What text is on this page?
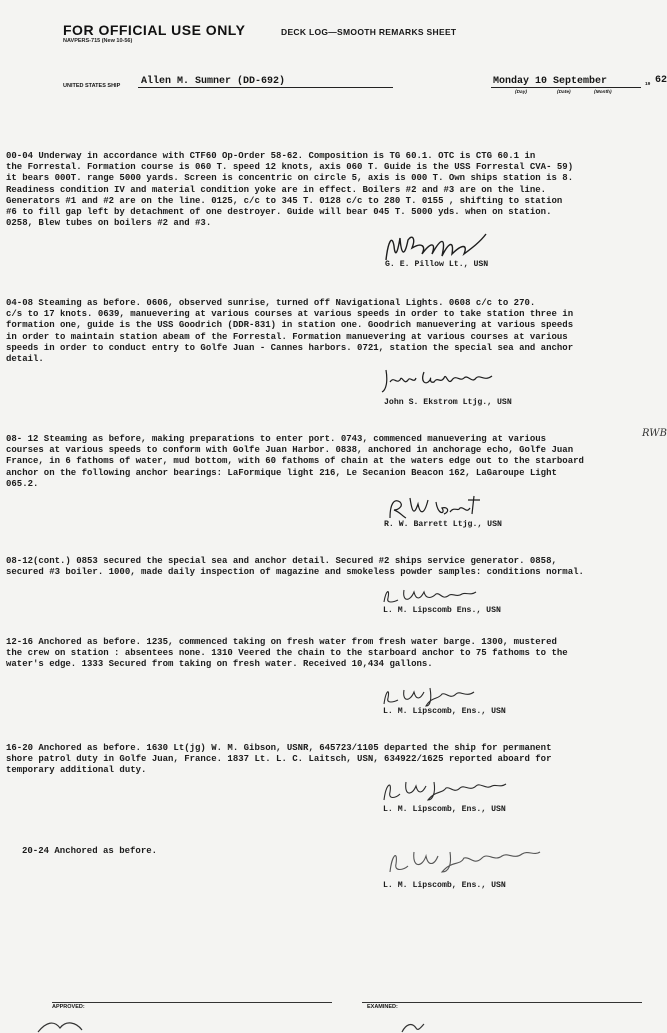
FOR OFFICIAL USE ONLY
NAVPERS-715 (New 10-56)
DECK LOG—SMOOTH REMARKS SHEET
UNITED STATES SHIP Allen M. Sumner (DD-692)	Monday 10 September
(Day)	(Date)	(Month)
19 62
00-04 Underway in accordance with CTF60 Op-Order 58-62. Composition is TG 60.1. OTC is CTG 60.1 in
the Forrestal. Formation course is 060 T. speed 12 knots, axis 060 T. Guide is the USS Forrestal CVA- 59)
it bears 000T. range 5000 yards. Screen is concentric on circle 5, axis is 000 T. Own ships station is 8.
Readiness condition IV and material condition yoke are in effect. Boilers #2 and #3 are on the line.
Generators #1 and #2 are on the line. 0125, c/c to 345 T. 0128 c/c to 280 T. 0155 , shifting to station
#6 to fill gap left by detachment of one destroyer. Guide will bear 045 T. 5000 yds. when on station.
0258, Blew tubes on boilers #2 and #3.
G. E. Pillow Lt., USN
04-08 Steaming as before. 0606, observed sunrise, turned off Navigational Lights. 0608 c/c to 270.
c/s to 17 knots. 0639, manuevering at various courses at various speeds in order to take station three in
formation one, guide is the USS Goodrich (DDR-831) in station one. Goodrich manuevering at various speeds
in order to maintain station abeam of the Forrestal. Formation manuevering at various courses at various
speeds in order to conduct entry to Golfe Juan - Cannes harbors. 0721, station the special sea and anchor
detail.
John S. Ekstrom Ltjg., USN
08- 12 Steaming as before, making preparations to enter port. 0743, commenced manuevering at various
courses at various speeds to conform with Golfe Juan Harbor. 0838, anchored in anchorage echo, Golfe Juan
France, in 6 fathoms of water, mud bottom, with 60 fathoms of chain at the waters edge out to the starboard
anchor on the following anchor bearings: LaFormique light 216, Le Secanion Beacon 162, LaGaroupe Light
065.2.
RWB
R. W. Barrett Ltjg., USN
08-12(cont.) 0853 secured the special sea and anchor detail. Secured #2 ships service generator. 0858,
secured #3 boiler. 1000, made daily inspection of magazine and smokeless powder samples: conditions normal.
L. M. Lipscomb Ens., USN
12-16 Anchored as before. 1235, commenced taking on fresh water from fresh water barge. 1300, mustered
the crew on station : absentees none. 1310 Veered the chain to the starboard anchor to 75 fathoms to the
water's edge. 1333 Secured from taking on fresh water. Received 10,434 gallons.
L. M. Lipscomb, Ens., USN
16-20 Anchored as before. 1630 Lt(jg) W. M. Gibson, USNR, 645723/1105 departed the ship for permanent
shore patrol duty in Golfe Juan, France. 1837 Lt. L. C. Laitsch, USN, 634922/1625 reported aboard for
temporary additional duty.
L. M. Lipscomb, Ens., USN
20-24 Anchored as before.
L. M. Lipscomb, Ens., USN
APPROVED:	EXAMINED:
